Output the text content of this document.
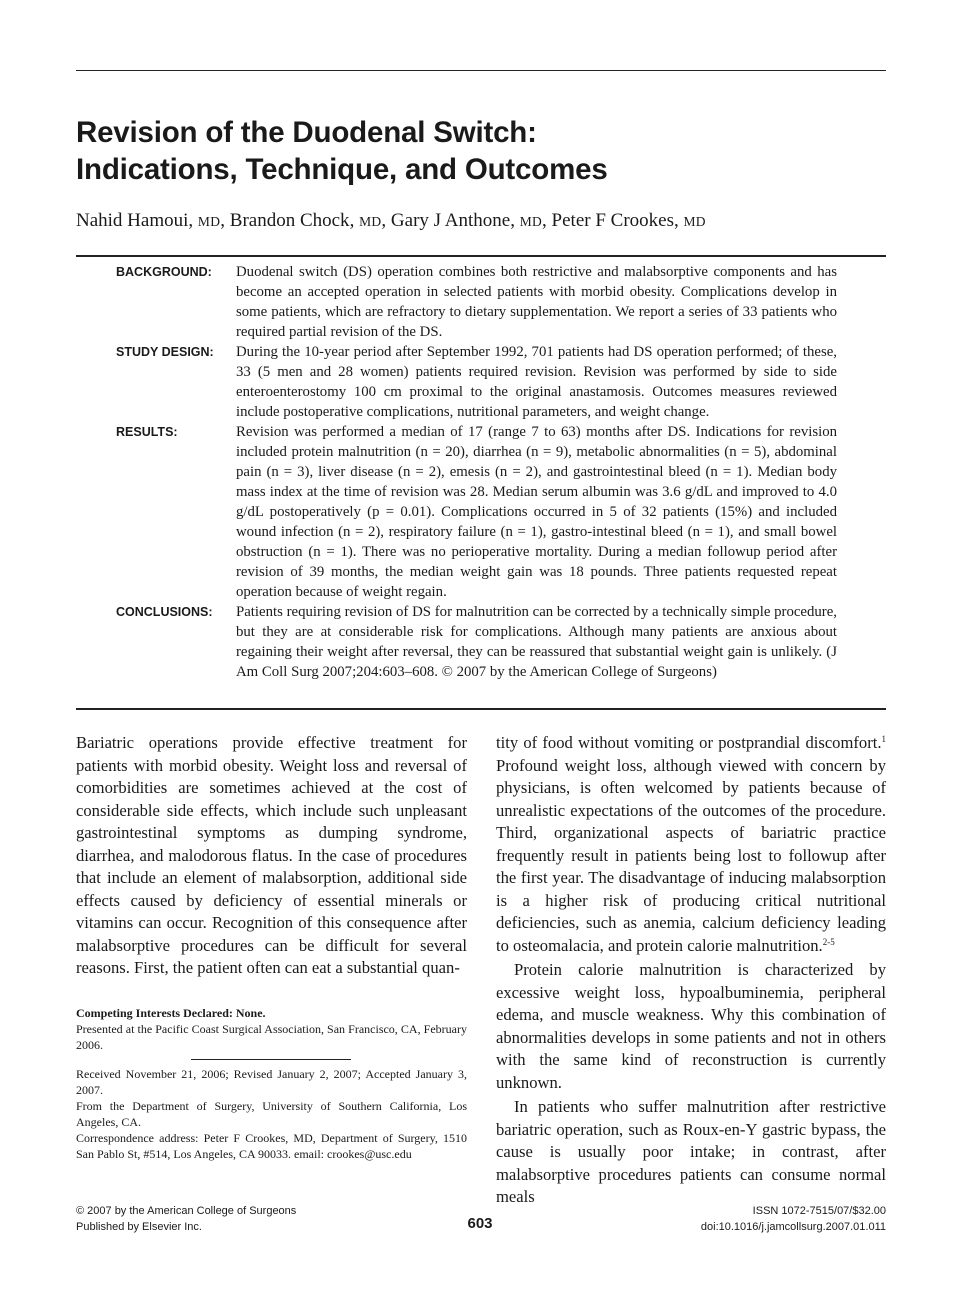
Revision of the Duodenal Switch:
Indications, Technique, and Outcomes
Nahid Hamoui, MD, Brandon Chock, MD, Gary J Anthone, MD, Peter F Crookes, MD
BACKGROUND: Duodenal switch (DS) operation combines both restrictive and malabsorptive components and has become an accepted operation in selected patients with morbid obesity. Complications develop in some patients, which are refractory to dietary supplementation. We report a series of 33 patients who required partial revision of the DS.
STUDY DESIGN: During the 10-year period after September 1992, 701 patients had DS operation performed; of these, 33 (5 men and 28 women) patients required revision. Revision was performed by side to side enteroenterostomy 100 cm proximal to the original anastamosis. Outcomes measures reviewed include postoperative complications, nutritional parameters, and weight change.
RESULTS:	Revision was performed a median of 17 (range 7 to 63) months after DS. Indications for revision included protein malnutrition (n = 20), diarrhea (n = 9), metabolic abnormalities (n = 5), abdominal pain (n = 3), liver disease (n = 2), emesis (n = 2), and gastrointestinal bleed (n = 1). Median body mass index at the time of revision was 28. Median serum albumin was 3.6 g/dL and improved to 4.0 g/dL postoperatively (p = 0.01). Complications occurred in 5 of 32 patients (15%) and included wound infection (n = 2), respiratory failure (n = 1), gastro-intestinal bleed (n = 1), and small bowel obstruction (n = 1). There was no perioperative mortality. During a median followup period after revision of 39 months, the median weight gain was 18 pounds. Three patients requested repeat operation because of weight regain.
CONCLUSIONS: Patients requiring revision of DS for malnutrition can be corrected by a technically simple procedure, but they are at considerable risk for complications. Although many patients are anxious about regaining their weight after reversal, they can be reassured that substantial weight gain is unlikely. (J Am Coll Surg 2007;204:603–608. © 2007 by the American College of Surgeons)

Bariatric operations provide effective treatment for patients with morbid obesity. Weight loss and reversal of comorbidities are sometimes achieved at the cost of considerable side effects, which include such unpleasant gastrointestinal symptoms as dumping syndrome, diarrhea, and malodorous flatus. In the case of procedures that include an element of malabsorption, additional side effects caused by deficiency of essential minerals or vitamins can occur. Recognition of this consequence after malabsorptive procedures can be difficult for several reasons. First, the patient often can eat a substantial quan-

tity of food without vomiting or postprandial discomfort.$^1$ Profound weight loss, although viewed with concern by physicians, is often welcomed by patients because of unrealistic expectations of the outcomes of the procedure. Third, organizational aspects of bariatric practice frequently result in patients being lost to followup after the first year. The disadvantage of inducing malabsorption is a higher risk of producing critical nutritional deficiencies, such as anemia, calcium deficiency leading to osteomalacia, and protein calorie malnutrition.$^{2-5}$

Protein calorie malnutrition is characterized by excessive weight loss, hypoalbuminemia, peripheral edema, and muscle weakness. Why this combination of abnormalities develops in some patients and not in others with the same kind of reconstruction is currently unknown.

In patients who suffer malnutrition after restrictive bariatric operation, such as Roux-en-Y gastric bypass, the cause is usually poor intake; in contrast, after malabsorptive procedures patients can consume normal meals

Competing Interests Declared: None.

Presented at the Pacific Coast Surgical Association, San Francisco, CA, February 2006.

Received November 21, 2006; Revised January 2, 2007; Accepted January 3, 2007.

From the Department of Surgery, University of Southern California, Los Angeles, CA.

Correspondence address: Peter F Crookes, MD, Department of Surgery, 1510 San Pablo St, #514, Los Angeles, CA 90033. email: crookes@usc.edu

© 2007 by the American College of Surgeons
Published by Elsevier Inc.	603
ISSN 1072-7515/07/$32.00
doi:10.1016/j.jamcollsurg.2007.01.011
